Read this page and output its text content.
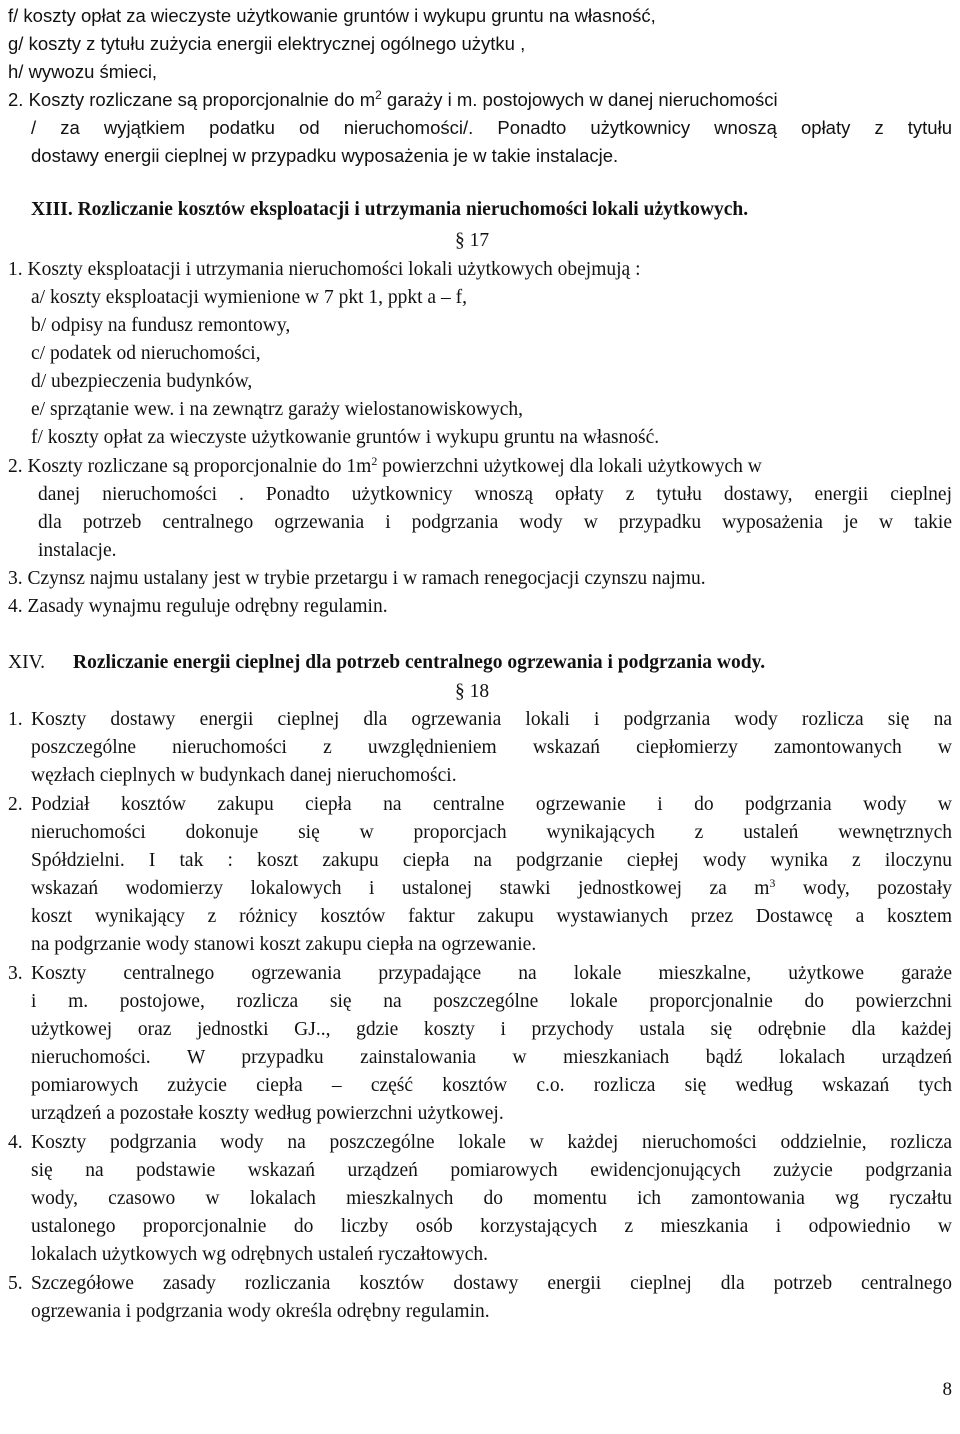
f/ koszty opłat za wieczyste użytkowanie gruntów i wykupu gruntu na własność,
g/ koszty z tytułu zużycia energii elektrycznej ogólnego użytku ,
h/ wywozu śmieci,
2. Koszty rozliczane są proporcjonalnie do $m^2$ garaży i m. postojowych w danej nieruchomości
/ za wyjątkiem podatku od nieruchomości/. Ponadto użytkownicy wnoszą opłaty z tytułu
dostawy energii cieplnej w przypadku wyposażenia je w takie instalacje.
XIII. Rozliczanie kosztów eksploatacji i utrzymania nieruchomości lokali użytkowych.
§ 17
1. Koszty eksploatacji i utrzymania nieruchomości lokali użytkowych obejmują :
a/ koszty eksploatacji wymienione w 7 pkt 1, ppkt a – f,
b/ odpisy na fundusz remontowy,
c/ podatek od nieruchomości,
d/ ubezpieczenia budynków,
e/ sprzątanie wew. i na zewnątrz garaży wielostanowiskowych,
f/ koszty opłat za wieczyste użytkowanie gruntów i wykupu gruntu na własność.
2. Koszty rozliczane są proporcjonalnie do $1m^2$ powierzchni użytkowej dla lokali użytkowych w
danej nieruchomości . Ponadto użytkownicy wnoszą opłaty z tytułu dostawy, energii cieplnej
dla potrzeb centralnego ogrzewania i podgrzania wody w przypadku wyposażenia je w takie
instalacje.
3. Czynsz najmu ustalany jest w trybie przetargu i w ramach renegocjacji czynszu najmu.
4. Zasady wynajmu reguluje odrębny regulamin.
XIV. Rozliczanie energii cieplnej dla potrzeb centralnego ogrzewania i podgrzania wody.
§ 18
1. Koszty dostawy energii cieplnej dla ogrzewania lokali i podgrzania wody rozlicza się na
poszczególne nieruchomości z uwzględnieniem wskazań ciepłomierzy zamontowanych w
węzłach cieplnych w budynkach danej nieruchomości.
2. Podział kosztów zakupu ciepła na centralne ogrzewanie i do podgrzania wody w
nieruchomości dokonuje się w proporcjach wynikających z ustaleń wewnętrznych
Spółdzielni. I tak : koszt zakupu ciepła na podgrzanie ciepłej wody wynika z iloczynu
wskazań wodomierzy lokalowych i ustalonej stawki jednostkowej za $m^3$ wody, pozostały
koszt wynikający z różnicy kosztów faktur zakupu wystawianych przez Dostawcę a kosztem
na podgrzanie wody stanowi koszt zakupu ciepła na ogrzewanie.
3. Koszty centralnego ogrzewania przypadające na lokale mieszkalne, użytkowe garaże
i m. postojowe, rozlicza się na poszczególne lokale proporcjonalnie do powierzchni
użytkowej oraz jednostki GJ.., gdzie koszty i przychody ustala się odrębnie dla każdej
nieruchomości. W przypadku zainstalowania w mieszkaniach bądź lokalach urządzeń
pomiarowych zużycie ciepła – część kosztów c.o. rozlicza się według wskazań tych
urządzeń a pozostałe koszty według powierzchni użytkowej.
4. Koszty podgrzania wody na poszczególne lokale w każdej nieruchomości oddzielnie, rozlicza
się na podstawie wskazań urządzeń pomiarowych ewidencjonujących zużycie podgrzania
wody, czasowo w lokalach mieszkalnych do momentu ich zamontowania wg ryczałtu
ustalonego proporcjonalnie do liczby osób korzystających z mieszkania i odpowiednio w
lokalach użytkowych wg odrębnych ustaleń ryczałtowych.
5. Szczegółowe zasady rozliczania kosztów dostawy energii cieplnej dla potrzeb centralnego
ogrzewania i podgrzania wody określa odrębny regulamin.
8
